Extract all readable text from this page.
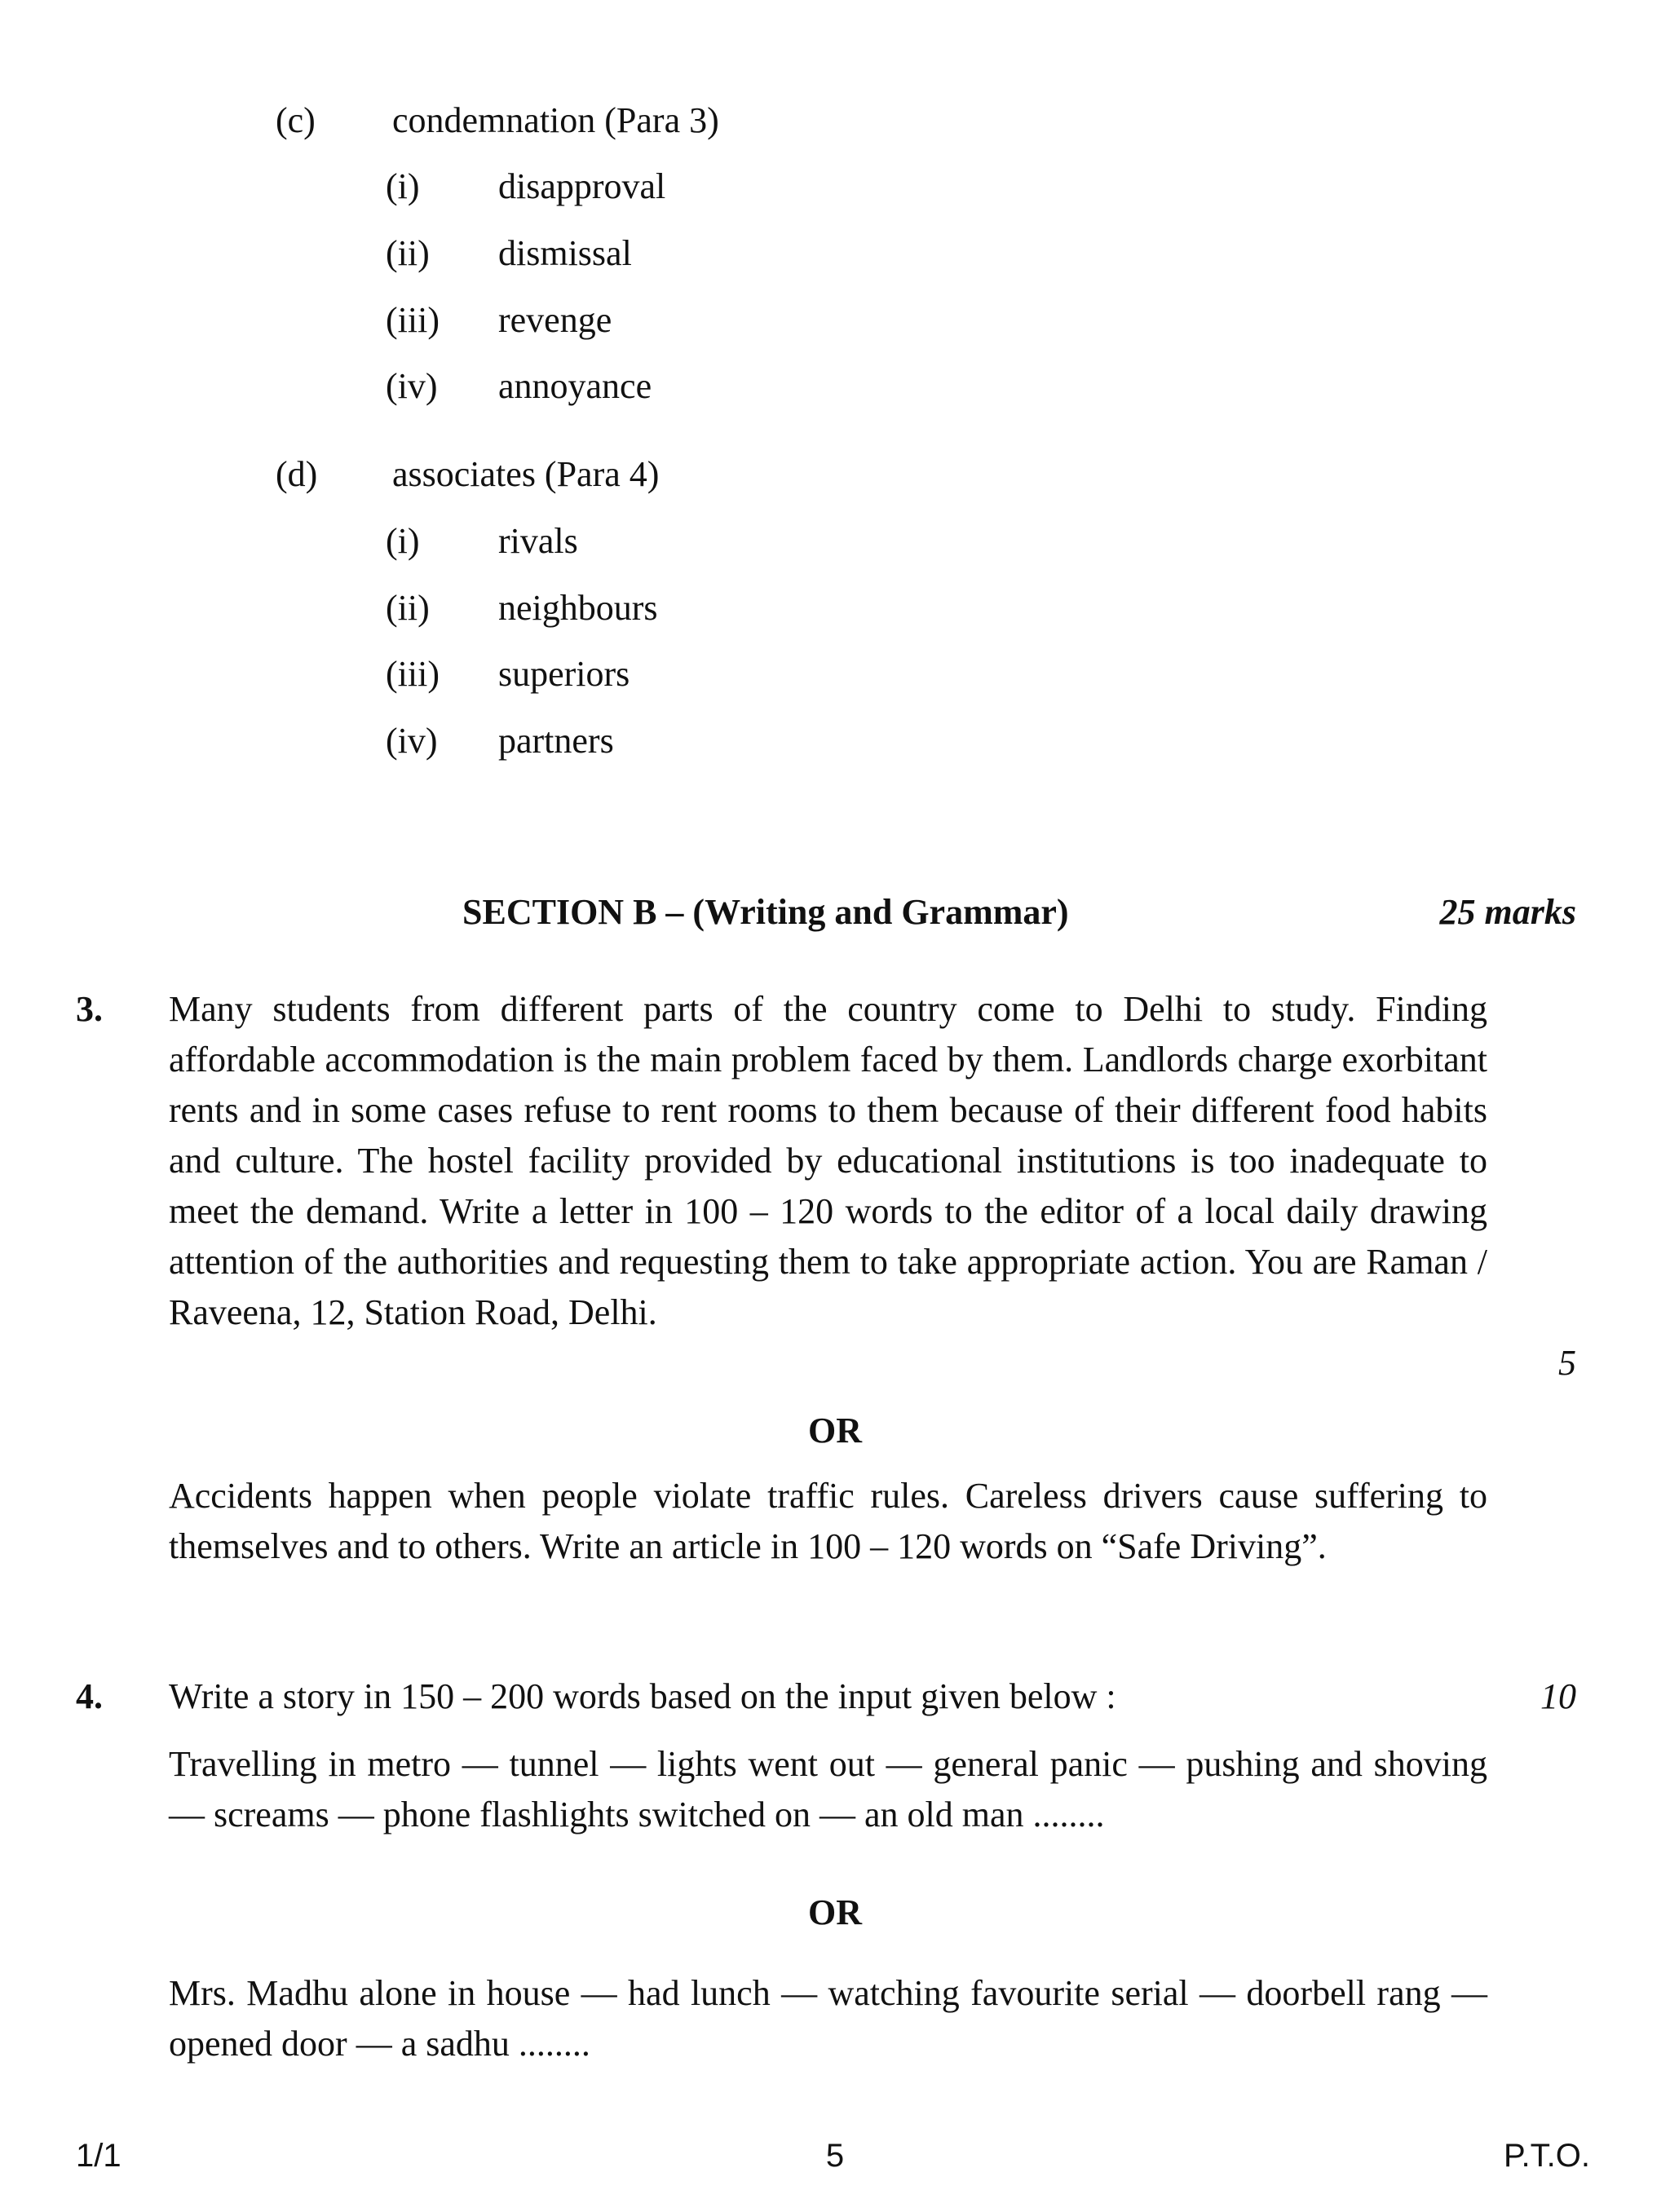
(c) condemnation (Para 3)
(i) disapproval
(ii) dismissal
(iii) revenge
(iv) annoyance
(d) associates (Para 4)
(i) rivals
(ii) neighbours
(iii) superiors
(iv) partners
SECTION B – (Writing and Grammar)	25 marks
3. Many students from different parts of the country come to Delhi to study. Finding affordable accommodation is the main problem faced by them. Landlords charge exorbitant rents and in some cases refuse to rent rooms to them because of their different food habits and culture. The hostel facility provided by educational institutions is too inadequate to meet the demand. Write a letter in 100 – 120 words to the editor of a local daily drawing attention of the authorities and requesting them to take appropriate action. You are Raman / Raveena, 12, Station Road, Delhi.
5
OR
Accidents happen when people violate traffic rules. Careless drivers cause suffering to themselves and to others. Write an article in 100 – 120 words on “Safe Driving”.
4. Write a story in 150 – 200 words based on the input given below :	10
Travelling in metro — tunnel — lights went out — general panic — pushing and shoving — screams — phone flashlights switched on — an old man ........
OR
Mrs. Madhu alone in house — had lunch — watching favourite serial — doorbell rang — opened door — a sadhu ........
1/1	5	P.T.O.
